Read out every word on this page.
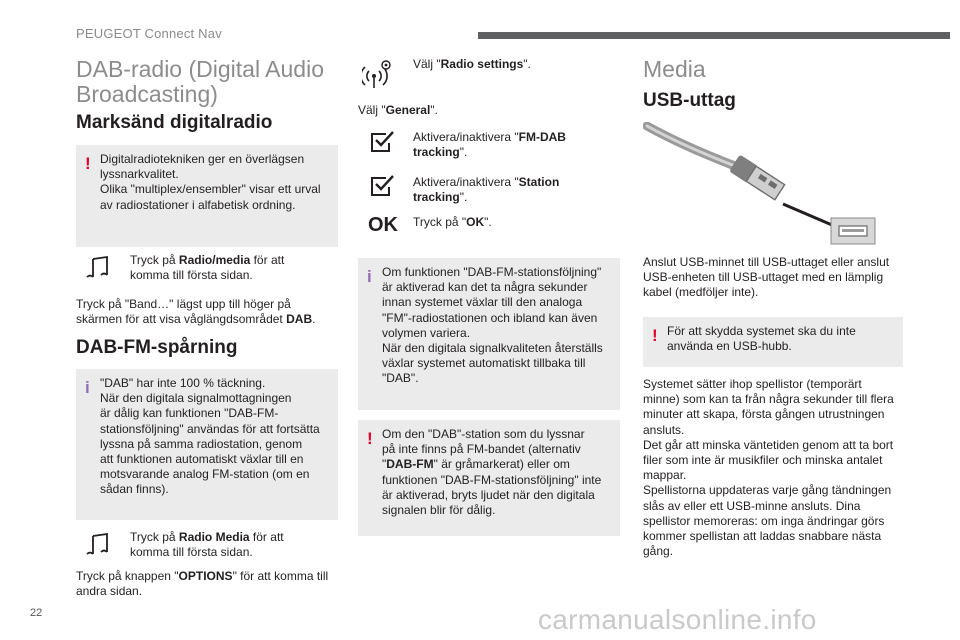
PEUGEOT Connect Nav
DAB-radio (Digital Audio
Broadcasting)
Marksänd digitalradio
! Digitalradiotekniken ger en överlägsen
lyssnarkvalitet.
Olika "multiplex/ensembler" visar ett urval
av radiostationer i alfabetisk ordning.
Tryck på Radio/media för att
komma till första sidan.
Tryck på "Band…" lägst upp till höger på
skärmen för att visa våglängdsområdet DAB.
DAB-FM-spårning
i "DAB" har inte 100 % täckning.
När den digitala signalmottagningen
är dålig kan funktionen "DAB-FM-
stationsföljning" användas för att fortsätta
lyssna på samma radiostation, genom
att funktionen automatiskt växlar till en
motsvarande analog FM-station (om en
sådan finns).
Tryck på Radio Media för att
komma till första sidan.
Tryck på knappen "OPTIONS" för att komma till
andra sidan.
Välj "Radio settings".
Välj "General".
Aktivera/inaktivera "FM-DAB
tracking".
Aktivera/inaktivera "Station
tracking".
OK Tryck på "OK".
i Om funktionen "DAB-FM-stationsföljning"
är aktiverad kan det ta några sekunder
innan systemet växlar till den analoga
"FM"-radiostationen och ibland kan även
volymen variera.
När den digitala signalkvaliteten återställs
växlar systemet automatiskt tillbaka till
"DAB".
! Om den "DAB"-station som du lyssnar
på inte finns på FM-bandet (alternativ
"DAB-FM" är gråmarkerat) eller om
funktionen "DAB-FM-stationsföljning" inte
är aktiverad, bryts ljudet när den digitala
signalen blir för dålig.
Media
USB-uttag
Anslut USB-minnet till USB-uttaget eller anslut
USB-enheten till USB-uttaget med en lämplig
kabel (medföljer inte).
! För att skydda systemet ska du inte
använda en USB-hubb.
Systemet sätter ihop spellistor (temporärt
minne) som kan ta från några sekunder till flera
minuter att skapa, första gången utrustningen
ansluts.
Det går att minska väntetiden genom att ta bort
filer som inte är musikfiler och minska antalet
mappar.
Spellistorna uppdateras varje gång tändningen
slås av eller ett USB-minne ansluts. Dina
spellistor memoreras: om inga ändringar görs
kommer spellistan att laddas snabbare nästa
gång.
22	carmanualsonline.info
